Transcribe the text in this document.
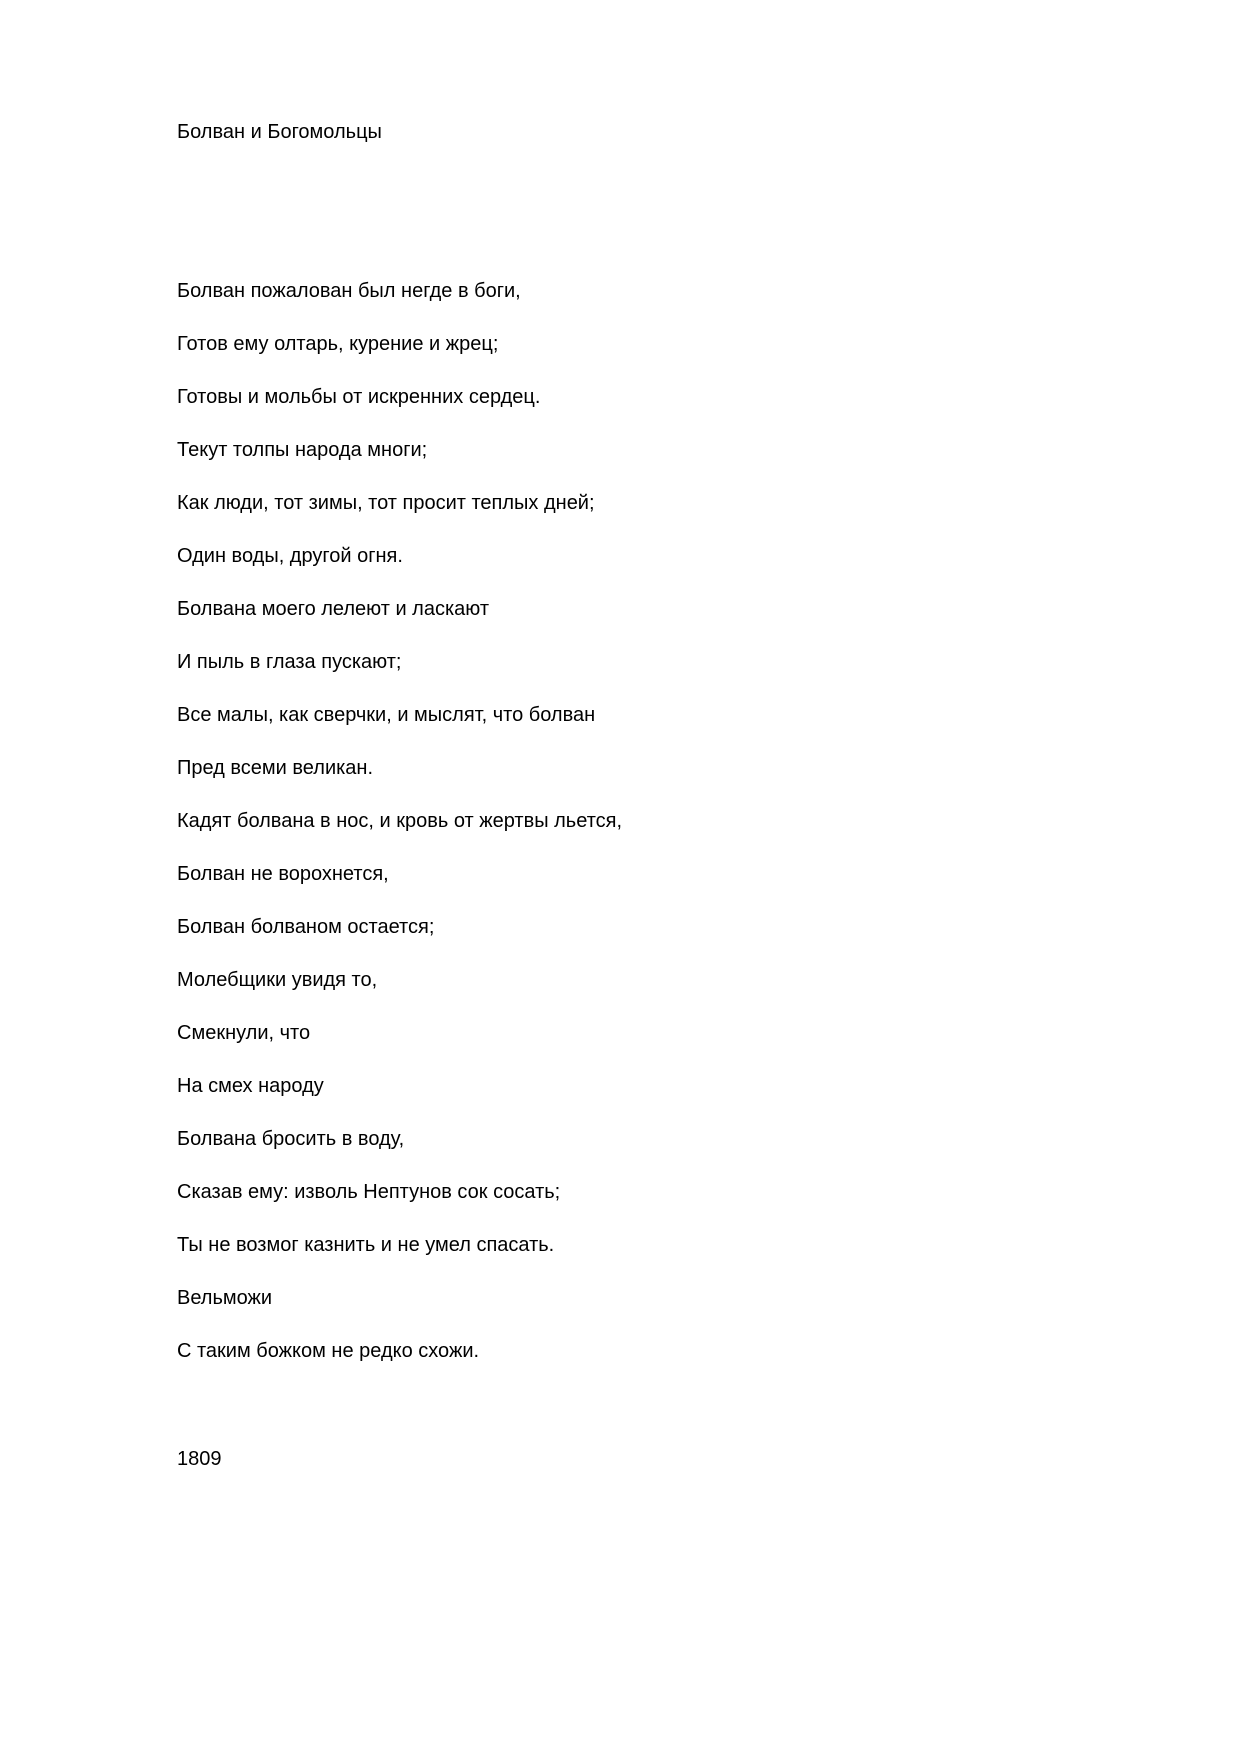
Болван и Богомольцы
Болван пожалован был негде в боги,
Готов ему олтарь, курение и жрец;
Готовы и мольбы от искренних сердец.
Текут толпы народа многи;
Как люди, тот зимы, тот просит теплых дней;
Один воды, другой огня.
Болвана моего лелеют и ласкают
И пыль в глаза пускают;
Все малы, как сверчки, и мыслят, что болван
Пред всеми великан.
Кадят болвана в нос, и кровь от жертвы льется,
Болван не ворохнется,
Болван болваном остается;
Молебщики увидя то,
Смекнули, что
На смех народу
Болвана бросить в воду,
Сказав ему: изволь Нептунов сок сосать;
Ты не возмог казнить и не умел спасать.
Вельможи
С таким божком не редко схожи.

1809
